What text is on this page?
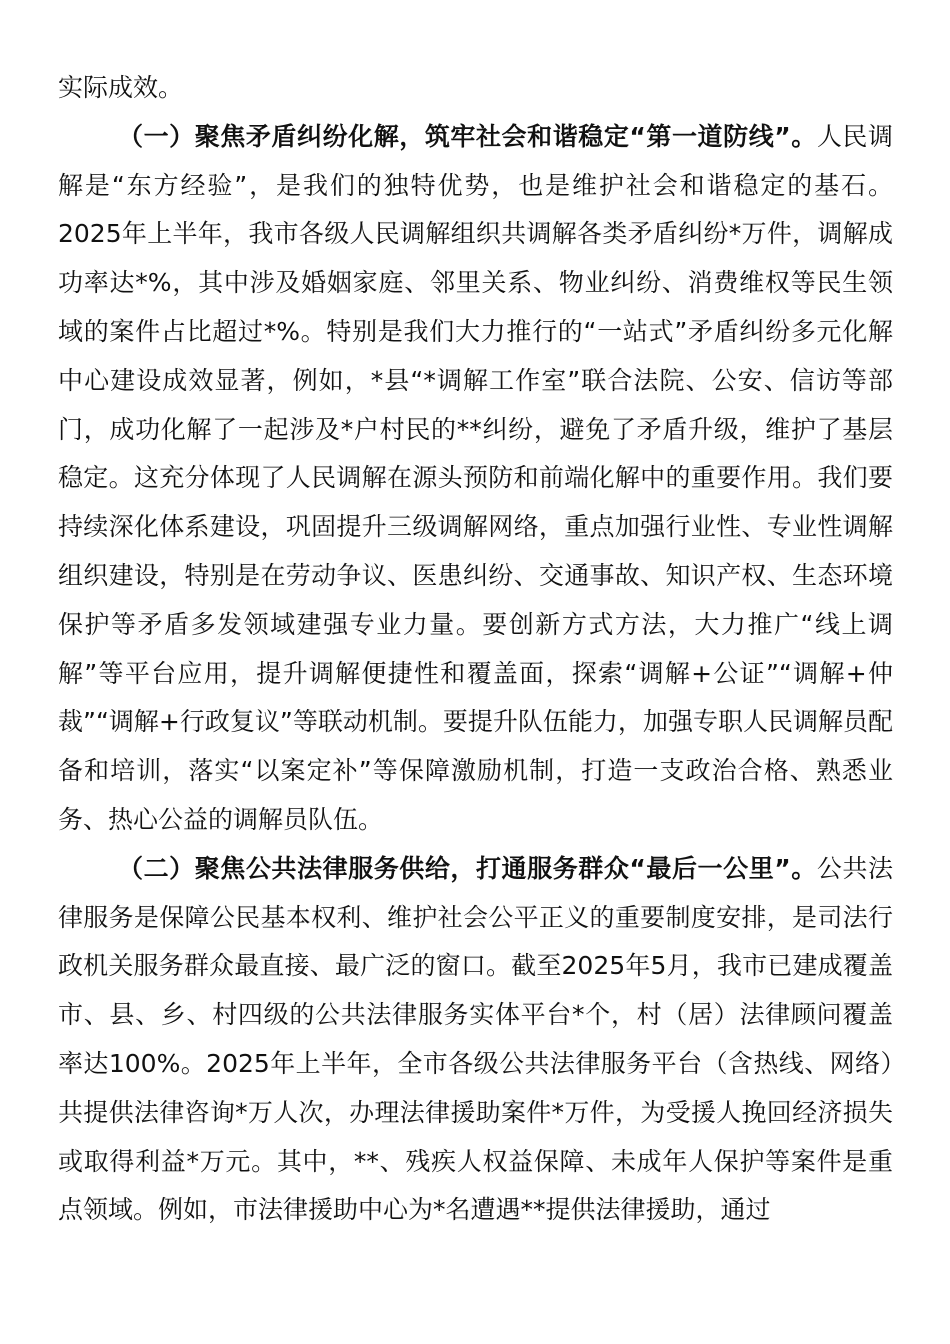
实际成效。

（一）聚焦矛盾纠纷化解，筑牢社会和谐稳定“第一道防线”。人民调解是“东方经验”，是我们的独特优势，也是维护社会和谐稳定的基石。2025年上半年，我市各级人民调解组织共调解各类矛盾纠纷*万件，调解成功率达*%，其中涉及婚姻家庭、邻里关系、物业纠纷、消费维权等民生领域的案件占比超过*%。特别是我们大力推行的“一站式”矛盾纠纷多元化解中心建设成效显著，例如，*县“*调解工作室”联合法院、公安、信访等部门，成功化解了一起涉及*户村民的**纠纷，避免了矛盾升级，维护了基层稳定。这充分体现了人民调解在源头预防和前端化解中的重要作用。我们要持续深化体系建设，巩固提升三级调解网络，重点加强行业性、专业性调解组织建设，特别是在劳动争议、医患纠纷、交通事故、知识产权、生态环境保护等矛盾多发领域建强专业力量。要创新方式方法，大力推广“线上调解”等平台应用，提升调解便捷性和覆盖面，探索“调解+公证”“调解+仲裁”“调解+行政复议”等联动机制。要提升队伍能力，加强专职人民调解员配备和培训，落实“以案定补”等保障激励机制，打造一支政治合格、熟悉业务、热心公益的调解员队伍。

（二）聚焦公共法律服务供给，打通服务群众“最后一公里”。公共法律服务是保障公民基本权利、维护社会公平正义的重要制度安排，是司法行政机关服务群众最直接、最广泛的窗口。截至2025年5月，我市已建成覆盖市、县、乡、村四级的公共法律服务实体平台*个，村（居）法律顾问覆盖率达100%。2025年上半年，全市各级公共法律服务平台（含热线、网络）共提供法律咨询*万人次，办理法律援助案件*万件，为受援人挽回经济损失或取得利益*万元。其中，**、残疾人权益保障、未成年人保护等案件是重点领域。例如，市法律援助中心为*名遭遇**提供法律援助，通过
